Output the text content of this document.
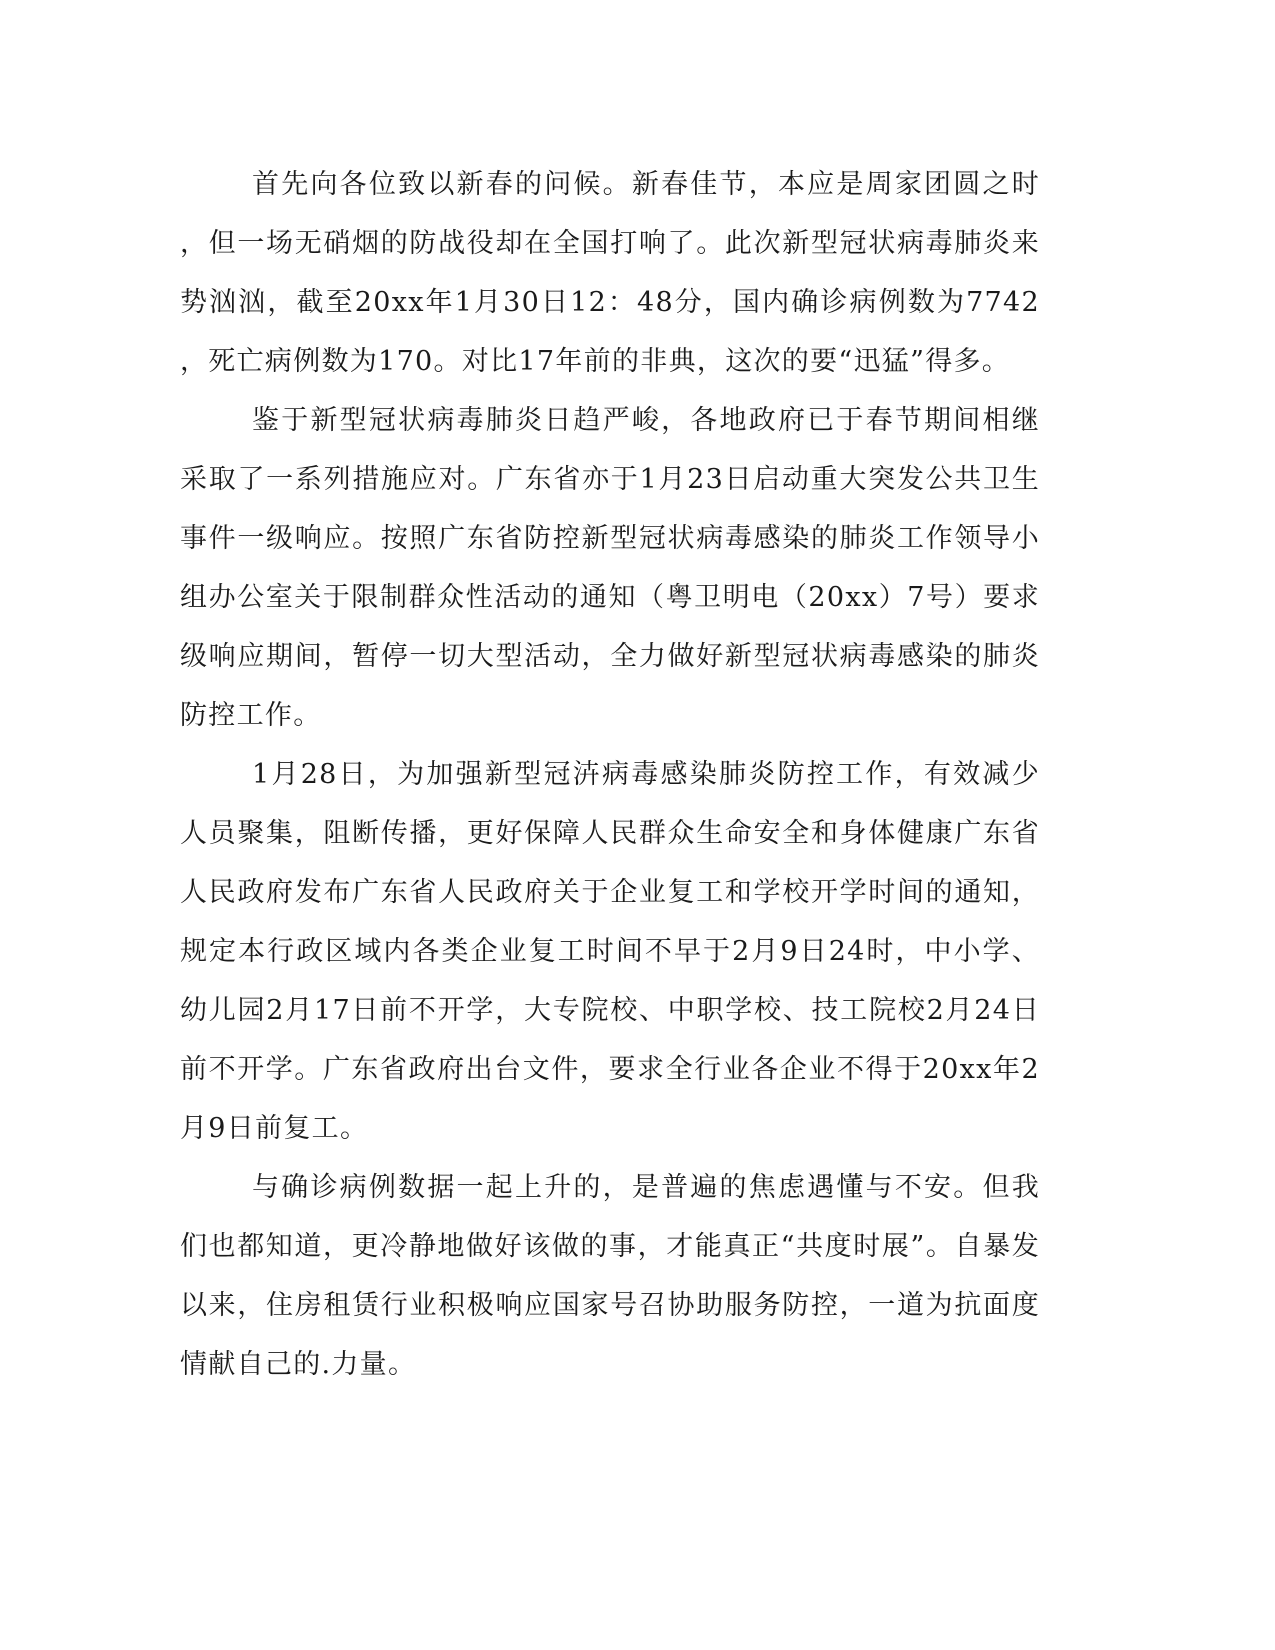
首先向各位致以新春的问候。新春佳节，本应是周家团圆之时，但一场无硝烟的防战役却在全国打响了。此次新型冠状病毒肺炎来势汹汹，截至20xx年1月30日12：48分，国内确诊病例数为7742，死亡病例数为170。对比17年前的非典，这次的要“迅猛”得多。

鉴于新型冠状病毒肺炎日趋严峻，各地政府已于春节期间相继采取了一系列措施应对。广东省亦于1月23日启动重大突发公共卫生事件一级响应。按照广东省防控新型冠状病毒感染的肺炎工作领导小组办公室关于限制群众性活动的通知（粤卫明电（20xx）7号）要求级响应期间，暂停一切大型活动，全力做好新型冠状病毒感染的肺炎防控工作。

1月28日，为加强新型冠泋病毒感染肺炎防控工作，有效减少人员聚集，阻断传播，更好保障人民群众生命安全和身体健康广东省人民政府发布广东省人民政府关于企业复工和学校开学时间的通知，规定本行政区域内各类企业复工时间不早于2月9日24时，中小学、幼儿园2月17日前不开学，大专院校、中职学校、技工院校2月24日前不开学。广东省政府出台文件，要求全行业各企业不得于20xx年2月9日前复工。

与确诊病例数据一起上升的，是普遍的焦虑遇懂与不安。但我们也都知道，更冷静地做好该做的事，才能真正“共度时展”。自暴发以来，住房租赁行业积极响应国家号召协助服务防控，一道为抗面度情献自己的.力量。
